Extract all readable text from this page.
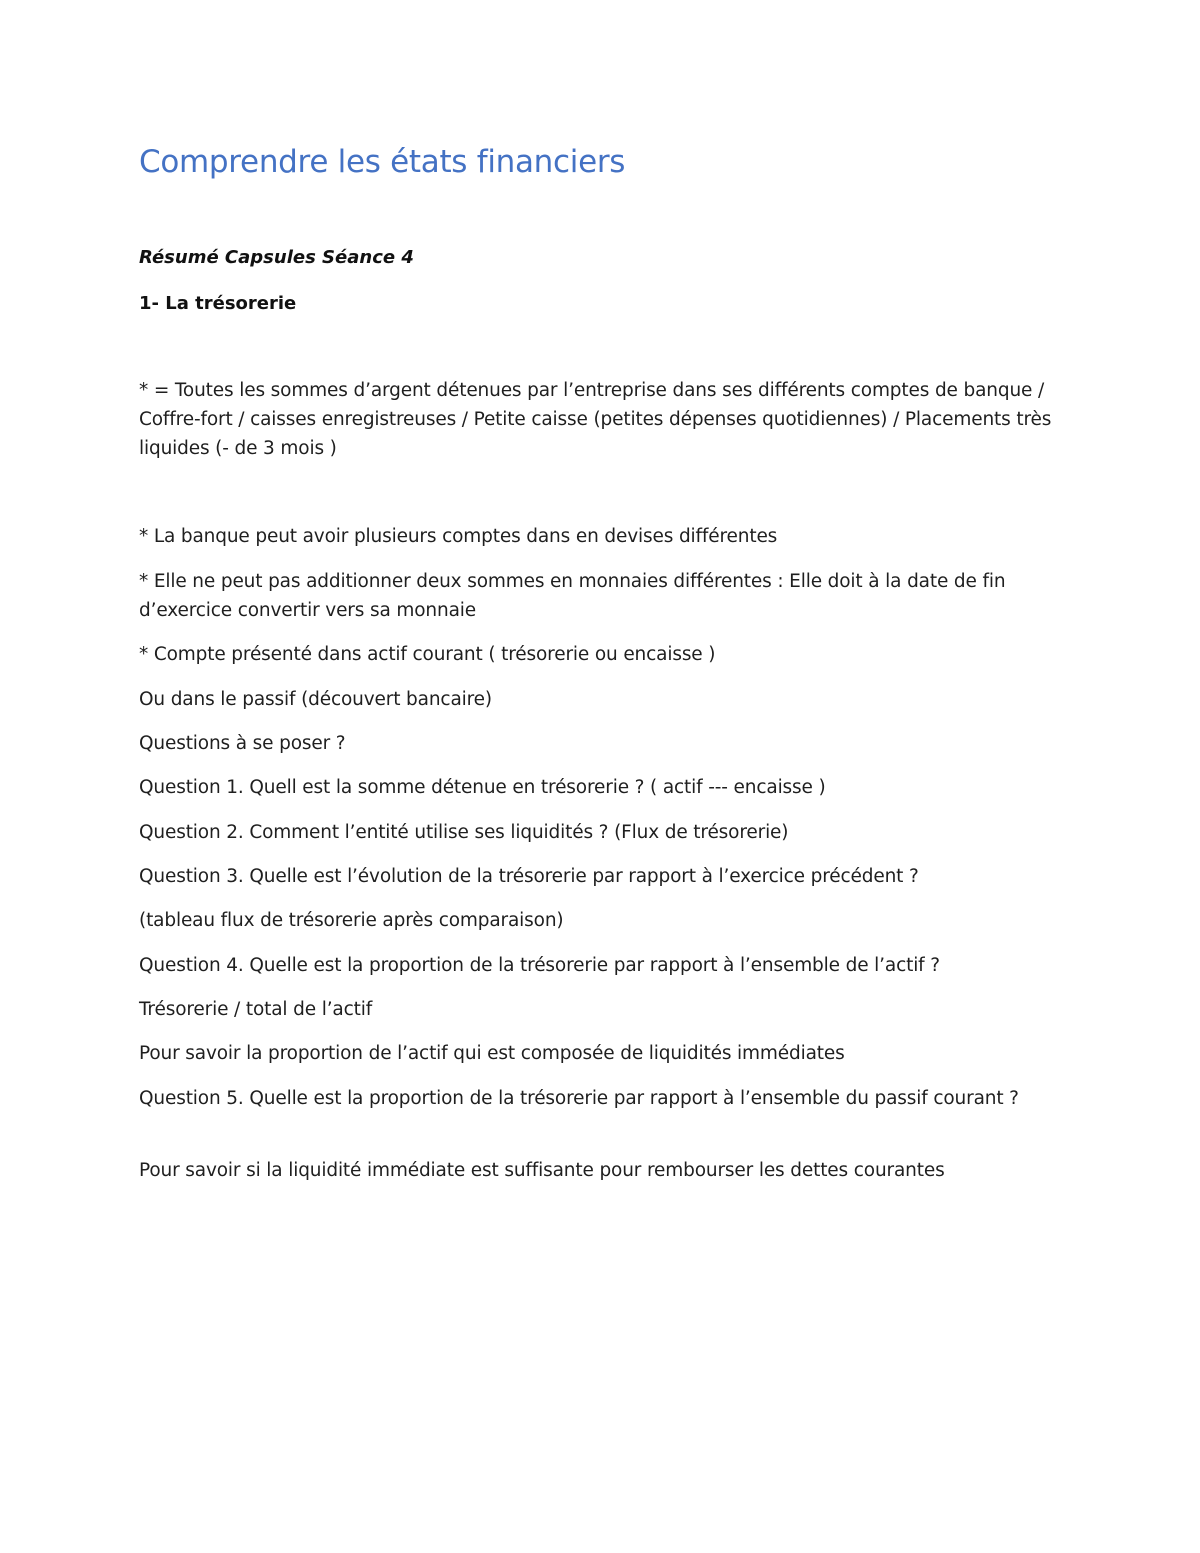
Comprendre les états financiers

Résumé Capsules Séance 4

1- La trésorerie

* = Toutes les sommes d’argent détenues par l’entreprise dans ses différents comptes de banque / Coffre-fort / caisses enregistreuses / Petite caisse (petites dépenses quotidiennes) / Placements très liquides (- de 3 mois )

* La banque peut avoir plusieurs comptes dans en devises différentes

* Elle ne peut pas additionner deux sommes en monnaies différentes : Elle doit à la date de fin d’exercice convertir vers sa monnaie

* Compte présenté dans actif courant ( trésorerie ou encaisse )

Ou dans le passif (découvert bancaire)

Questions à se poser ?

Question 1. Quell est la somme détenue en trésorerie ? ( actif --- encaisse )

Question 2. Comment l’entité utilise ses liquidités ? (Flux de trésorerie)

Question 3. Quelle est l’évolution de la trésorerie par rapport à l’exercice précédent ?

(tableau flux de trésorerie après comparaison)

Question 4. Quelle est la proportion de la trésorerie par rapport à l’ensemble de l’actif ?

Trésorerie / total de l’actif

Pour savoir la proportion de l’actif qui est composée de liquidités immédiates

Question 5. Quelle est la proportion de la trésorerie par rapport à l’ensemble du passif courant ?

Pour savoir si la liquidité immédiate est suffisante pour rembourser les dettes courantes
